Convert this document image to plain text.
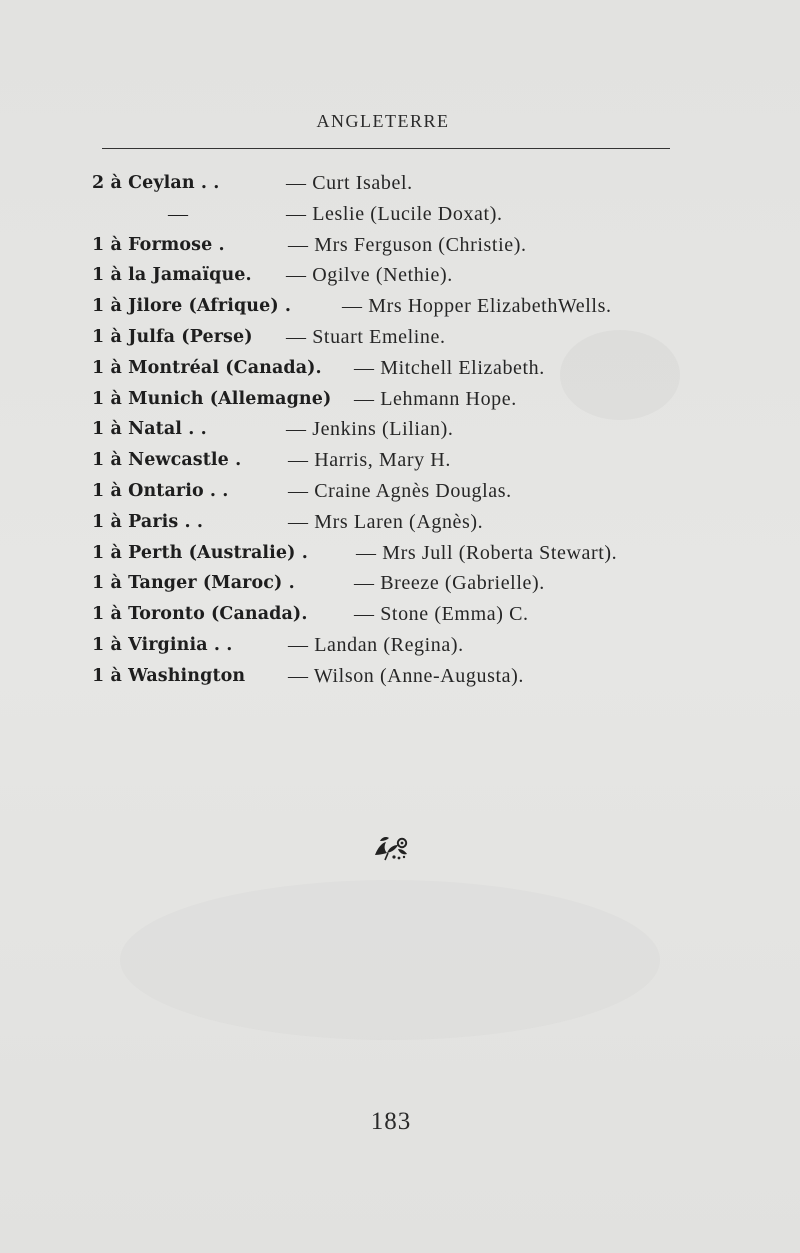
ANGLETERRE
2 à Ceylan . .	— Curt Isabel.
—	— Leslie (Lucile Doxat).
1 à Formose .	— Mrs Ferguson (Christie).
1 à la Jamaïque. — Ogilve (Nethie).
1 à Jilore (Afrique) .	— Mrs Hopper ElizabethWells.
1 à Julfa (Perse) — Stuart Emeline.
1 à Montréal (Canada). — Mitchell Elizabeth.
1 à Munich (Allemagne) — Lehmann Hope.
1 à Natal . .	— Jenkins (Lilian).
1 à Newcastle . — Harris, Mary H.
1 à Ontario . .	— Craine Agnès Douglas.
1 à Paris . .	— Mrs Laren (Agnès).
1 à Perth (Australie) . — Mrs Jull (Roberta Stewart).
1 à Tanger (Maroc) .	— Breeze (Gabrielle).
1 à Toronto (Canada). — Stone (Emma) C.
1 à Virginia . .	— Landan (Regina).
1 à Washington — Wilson (Anne-Augusta).
183
